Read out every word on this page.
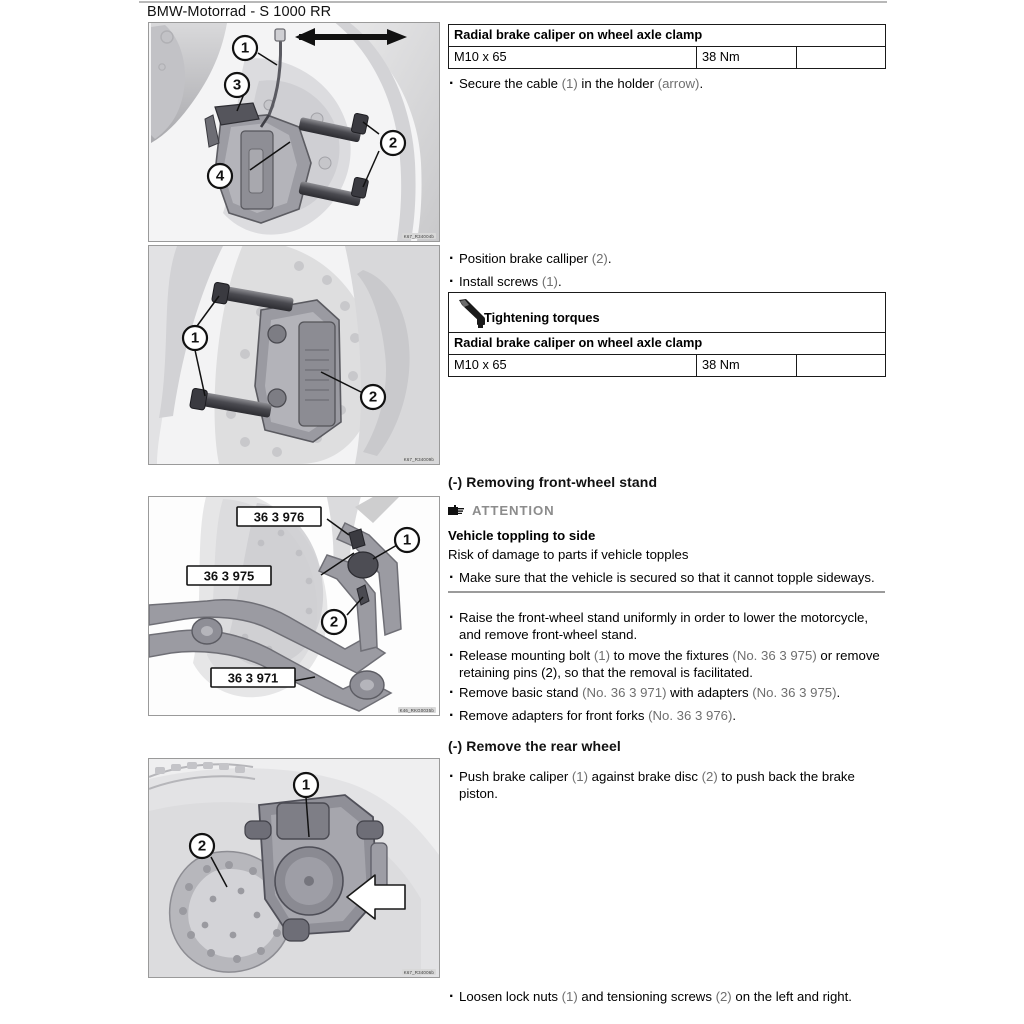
BMW-Motorrad - S 1000 RR
1
3
4
2
K67_R34004b
1
2
K67_R34009b
36 3 976
36 3 975
36 3 971
1
2
K46_RKG0035b
1
2
K67_R34006b
Radial brake caliper on wheel axle clamp
M10 x 65	38 Nm	
· Secure the cable (1) in the holder (arrow).
· Position brake calliper (2).
· Install screws (1).
Tightening torques

Radial brake caliper on wheel axle clamp
M10 x 65	38 Nm	
(-) Removing front-wheel stand
ATTENTION
Vehicle toppling to side
Risk of damage to parts if vehicle topples
· Make sure that the vehicle is secured so that it cannot topple sideways.
· Raise the front-wheel stand uniformly in order to lower the motorcycle, and remove front-wheel stand.
· Release mounting bolt (1) to move the fixtures (No. 36 3 975) or remove retaining pins (2), so that the removal is facilitated.
· Remove basic stand (No. 36 3 971) with adapters (No. 36 3 975).
· Remove adapters for front forks (No. 36 3 976).
(-) Remove the rear wheel
· Push brake caliper (1) against brake disc (2) to push back the brake piston.
· Loosen lock nuts (1) and tensioning screws (2) on the left and right.
